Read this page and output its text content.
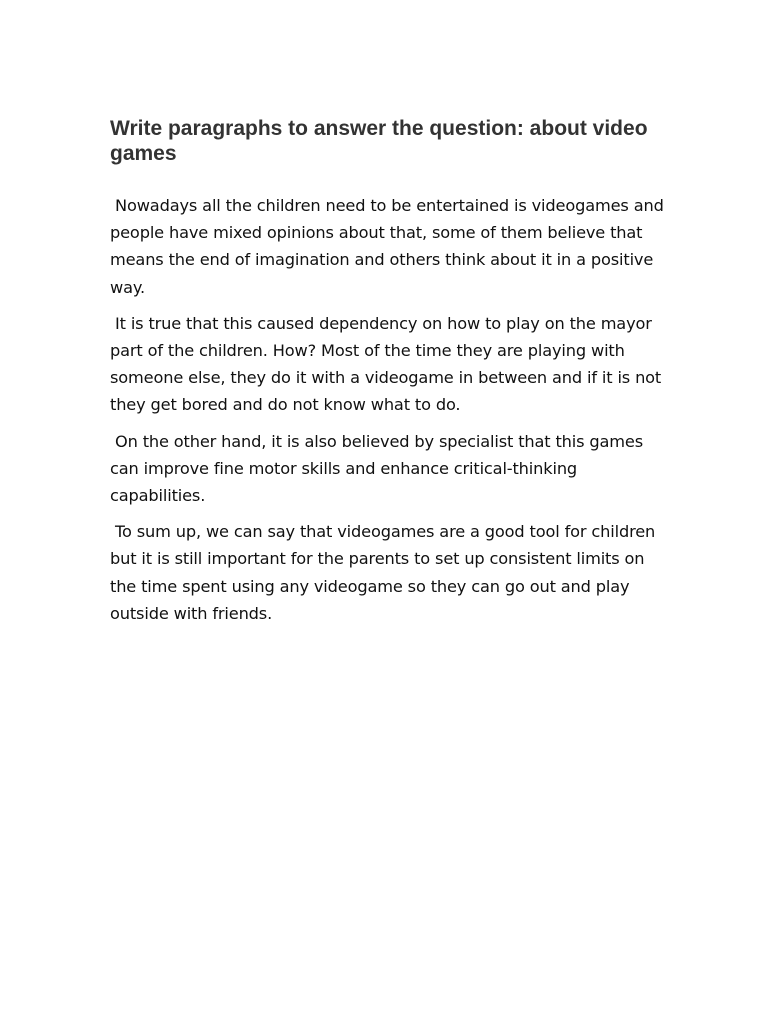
Write paragraphs to answer the question: about video games

Nowadays all the children need to be entertained is videogames and people have mixed opinions about that, some of them believe that means the end of imagination and others think about it in a positive way.

It is true that this caused dependency on how to play on the mayor part of the children. How? Most of the time they are playing with someone else, they do it with a videogame in between and if it is not they get bored and do not know what to do.

On the other hand, it is also believed by specialist that this games can improve fine motor skills and enhance critical-thinking capabilities.

To sum up, we can say that videogames are a good tool for children but it is still important for the parents to set up consistent limits on the time spent using any videogame so they can go out and play outside with friends.
